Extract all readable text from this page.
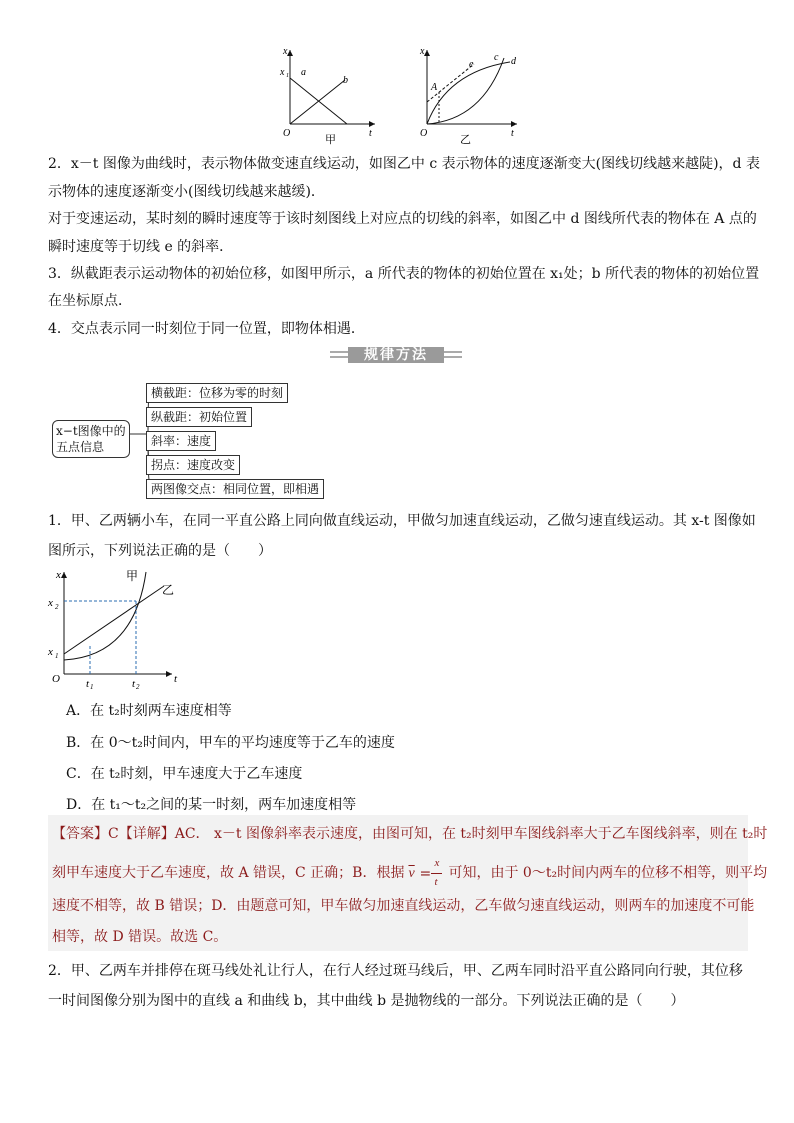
x
t
O
x 1 a
b
甲
x
t
O
A
c d
e
乙
2．x－t 图像为曲线时，表示物体做变速直线运动，如图乙中 c 表示物体的速度逐渐变大(图线切线越来越陡)，d 表
示物体的速度逐渐变小(图线切线越来越缓)．
对于变速运动，某时刻的瞬时速度等于该时刻图线上对应点的切线的斜率，如图乙中 d 图线所代表的物体在 A 点的
瞬时速度等于切线 e 的斜率．
3．纵截距表示运动物体的初始位移，如图甲所示，a 所代表的物体的初始位置在 x₁处；b 所代表的物体的初始位置
在坐标原点．
4．交点表示同一时刻位于同一位置，即物体相遇．
规律方法
x−t图像中的
五点信息
横截距：位移为零的时刻
纵截距：初始位置
斜率：速度
拐点：速度改变
两图像交点：相同位置，即相遇
1．甲、乙两辆小车，在同一平直公路上同向做直线运动，甲做匀加速直线运动，乙做匀速直线运动。其 x-t 图像如
图所示，下列说法正确的是（　　）
x
t
O
x 2
x 1
t 1	t 2
甲
乙
A．在 t₂时刻两车速度相等
B．在 0～t₂时间内，甲车的平均速度等于乙车的速度
C．在 t₂时刻，甲车速度大于乙车速度
D．在 t₁～t₂之间的某一时刻，两车加速度相等
【答案】C【详解】AC． x－t 图像斜率表示速度，由图可知，在 t₂时刻甲车图线斜率大于乙车图线斜率，则在 t₂时
刻甲车速度大于乙车速度，故 A 错误，C 正确；B．根据 $\overline{v}$ =
x
t
可知，由于 0～t₂时间内两车的位移不相等，则平均
速度不相等，故 B 错误；D．由题意可知，甲车做匀加速直线运动，乙车做匀速直线运动，则两车的加速度不可能
相等，故 D 错误。故选 C。
2．甲、乙两车并排停在斑马线处礼让行人，在行人经过斑马线后，甲、乙两车同时沿平直公路同向行驶，其位移
一时间图像分别为图中的直线 a 和曲线 b，其中曲线 b 是抛物线的一部分。下列说法正确的是（　　）
